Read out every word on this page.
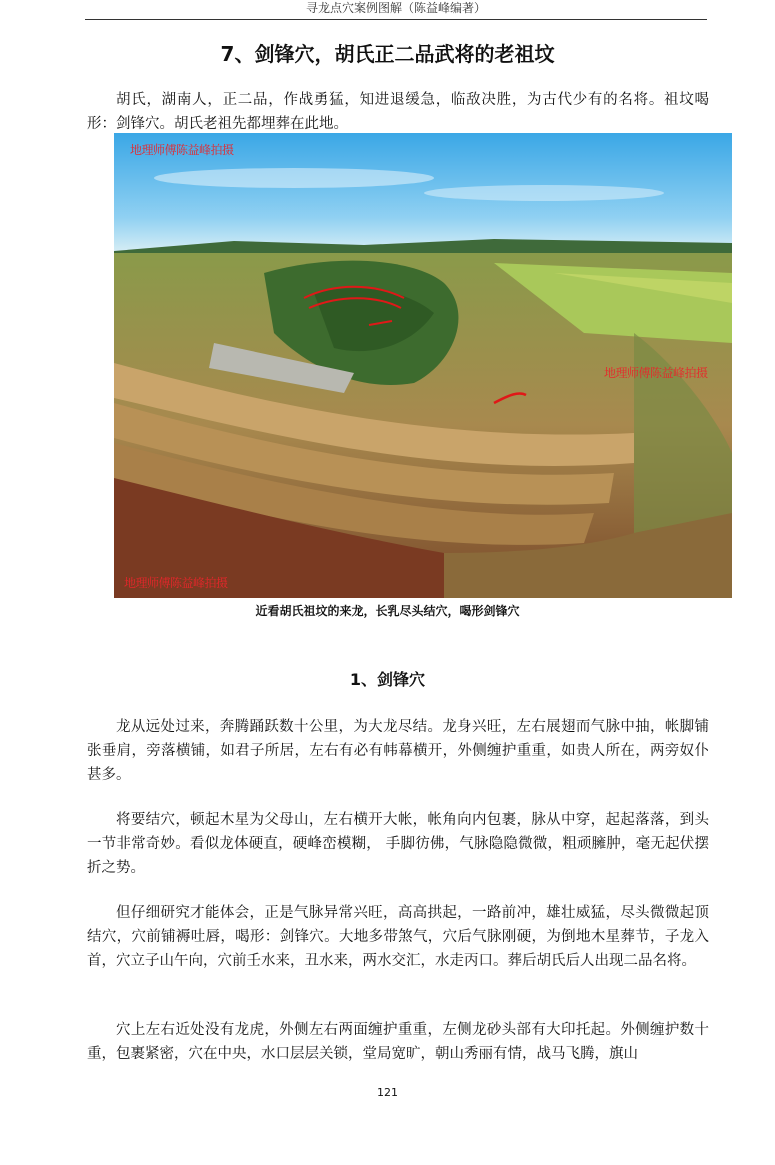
寻龙点穴案例图解（陈益峰编著）
7、剑锋穴，胡氏正二品武将的老祖坟

胡氏，湖南人，正二品，作战勇猛，知进退缓急，临敌决胜，为古代少有的名将。祖坟喝形：剑锋穴。胡氏老祖先都埋葬在此地。

地理师傅陈益峰拍摄
地理师傅陈益峰拍摄
地理师傅陈益峰拍摄
近看胡氏祖坟的来龙，长乳尽头结穴，喝形剑锋穴
1、剑锋穴

龙从远处过来，奔腾踊跃数十公里，为大龙尽结。龙身兴旺，左右展翅而气脉中抽，帐脚铺张垂肩，旁落横铺，如君子所居，左右有必有帏幕横开，外侧缠护重重，如贵人所在，两旁奴仆甚多。

将要结穴，顿起木星为父母山，左右横开大帐，帐角向内包裹，脉从中穿，起起落落，到头一节非常奇妙。看似龙体硬直，硬峰峦模糊， 手脚彷佛，气脉隐隐微微，粗顽臃肿，毫无起伏摆折之势。

但仔细研究才能体会，正是气脉异常兴旺，高高拱起，一路前冲，雄壮威猛，尽头微微起顶结穴，穴前铺褥吐唇，喝形：剑锋穴。大地多带煞气，穴后气脉刚硬，为倒地木星葬节，子龙入首，穴立子山午向，穴前壬水来，丑水来，两水交汇，水走丙口。葬后胡氏后人出现二品名将。

穴上左右近处没有龙虎，外侧左右两面缠护重重，左侧龙砂头部有大印托起。外侧缠护数十重，包裹紧密，穴在中央，水口层层关锁，堂局宽旷，朝山秀丽有情，战马飞腾，旗山

121
